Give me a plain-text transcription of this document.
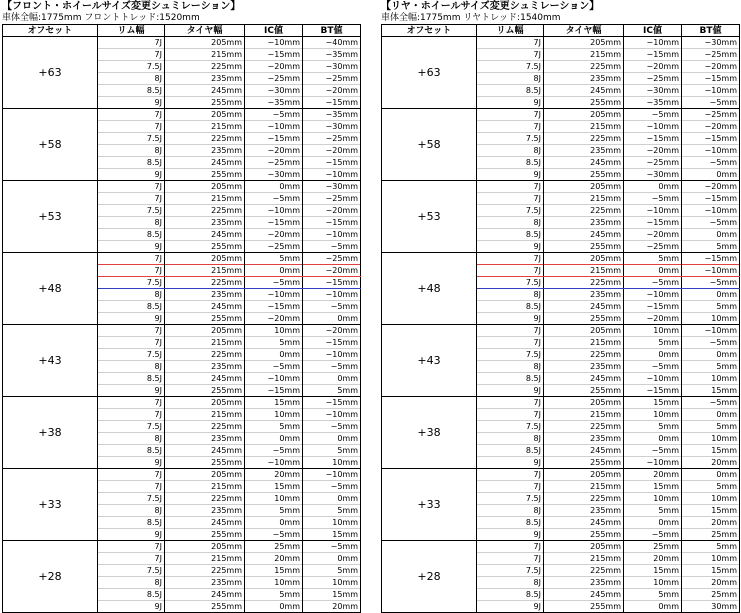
【フロント・ホイールサイズ変更シュミレーション】
車体全幅:1775mm フロントトレッド:1520mm
オフセット	リム幅	タイヤ幅	IC値	BT値
+63	7J	205mm	−10mm	−40mm
	7J	215mm	−15mm	−35mm
	7.5J	225mm	−20mm	−30mm
	8J	235mm	−25mm	−25mm
	8.5J	245mm	−30mm	−20mm
	9J	255mm	−35mm	−15mm
+58	7J	205mm	−5mm	−35mm
	7J	215mm	−10mm	−30mm
	7.5J	225mm	−15mm	−25mm
	8J	235mm	−20mm	−20mm
	8.5J	245mm	−25mm	−15mm
	9J	255mm	−30mm	−10mm
+53	7J	205mm	0mm	−30mm
	7J	215mm	−5mm	−25mm
	7.5J	225mm	−10mm	−20mm
	8J	235mm	−15mm	−15mm
	8.5J	245mm	−20mm	−10mm
	9J	255mm	−25mm	−5mm
+48	7J	205mm	5mm	−25mm
	7J	215mm	0mm	−20mm
	7.5J	225mm	−5mm	−15mm
	8J	235mm	−10mm	−10mm
	8.5J	245mm	−15mm	−5mm
	9J	255mm	−20mm	0mm
+43	7J	205mm	10mm	−20mm
	7J	215mm	5mm	−15mm
	7.5J	225mm	0mm	−10mm
	8J	235mm	−5mm	−5mm
	8.5J	245mm	−10mm	0mm
	9J	255mm	−15mm	5mm
+38	7J	205mm	15mm	−15mm
	7J	215mm	10mm	−10mm
	7.5J	225mm	5mm	−5mm
	8J	235mm	0mm	0mm
	8.5J	245mm	−5mm	5mm
	9J	255mm	−10mm	10mm
+33	7J	205mm	20mm	−10mm
	7J	215mm	15mm	−5mm
	7.5J	225mm	10mm	0mm
	8J	235mm	5mm	5mm
	8.5J	245mm	0mm	10mm
	9J	255mm	−5mm	15mm
+28	7J	205mm	25mm	−5mm
	7J	215mm	20mm	0mm
	7.5J	225mm	15mm	5mm
	8J	235mm	10mm	10mm
	8.5J	245mm	5mm	15mm
	9J	255mm	0mm	20mm
【リヤ・ホイールサイズ変更シュミレーション】
車体全幅:1775mm リヤトレッド:1540mm
オフセット	リム幅	タイヤ幅	IC値	BT値
+63	7J	205mm	−10mm	−30mm
	7J	215mm	−15mm	−25mm
	7.5J	225mm	−20mm	−20mm
	8J	235mm	−25mm	−15mm
	8.5J	245mm	−30mm	−10mm
	9J	255mm	−35mm	−5mm
+58	7J	205mm	−5mm	−25mm
	7J	215mm	−10mm	−20mm
	7.5J	225mm	−15mm	−15mm
	8J	235mm	−20mm	−10mm
	8.5J	245mm	−25mm	−5mm
	9J	255mm	−30mm	0mm
+53	7J	205mm	0mm	−20mm
	7J	215mm	−5mm	−15mm
	7.5J	225mm	−10mm	−10mm
	8J	235mm	−15mm	−5mm
	8.5J	245mm	−20mm	0mm
	9J	255mm	−25mm	5mm
+48	7J	205mm	5mm	−15mm
	7J	215mm	0mm	−10mm
	7.5J	225mm	−5mm	−5mm
	8J	235mm	−10mm	0mm
	8.5J	245mm	−15mm	5mm
	9J	255mm	−20mm	10mm
+43	7J	205mm	10mm	−10mm
	7J	215mm	5mm	−5mm
	7.5J	225mm	0mm	0mm
	8J	235mm	−5mm	5mm
	8.5J	245mm	−10mm	10mm
	9J	255mm	−15mm	15mm
+38	7J	205mm	15mm	−5mm
	7J	215mm	10mm	0mm
	7.5J	225mm	5mm	5mm
	8J	235mm	0mm	10mm
	8.5J	245mm	−5mm	15mm
	9J	255mm	−10mm	20mm
+33	7J	205mm	20mm	0mm
	7J	215mm	15mm	5mm
	7.5J	225mm	10mm	10mm
	8J	235mm	5mm	15mm
	8.5J	245mm	0mm	20mm
	9J	255mm	−5mm	25mm
+28	7J	205mm	25mm	5mm
	7J	215mm	20mm	10mm
	7.5J	225mm	15mm	15mm
	8J	235mm	10mm	20mm
	8.5J	245mm	5mm	25mm
	9J	255mm	0mm	30mm
